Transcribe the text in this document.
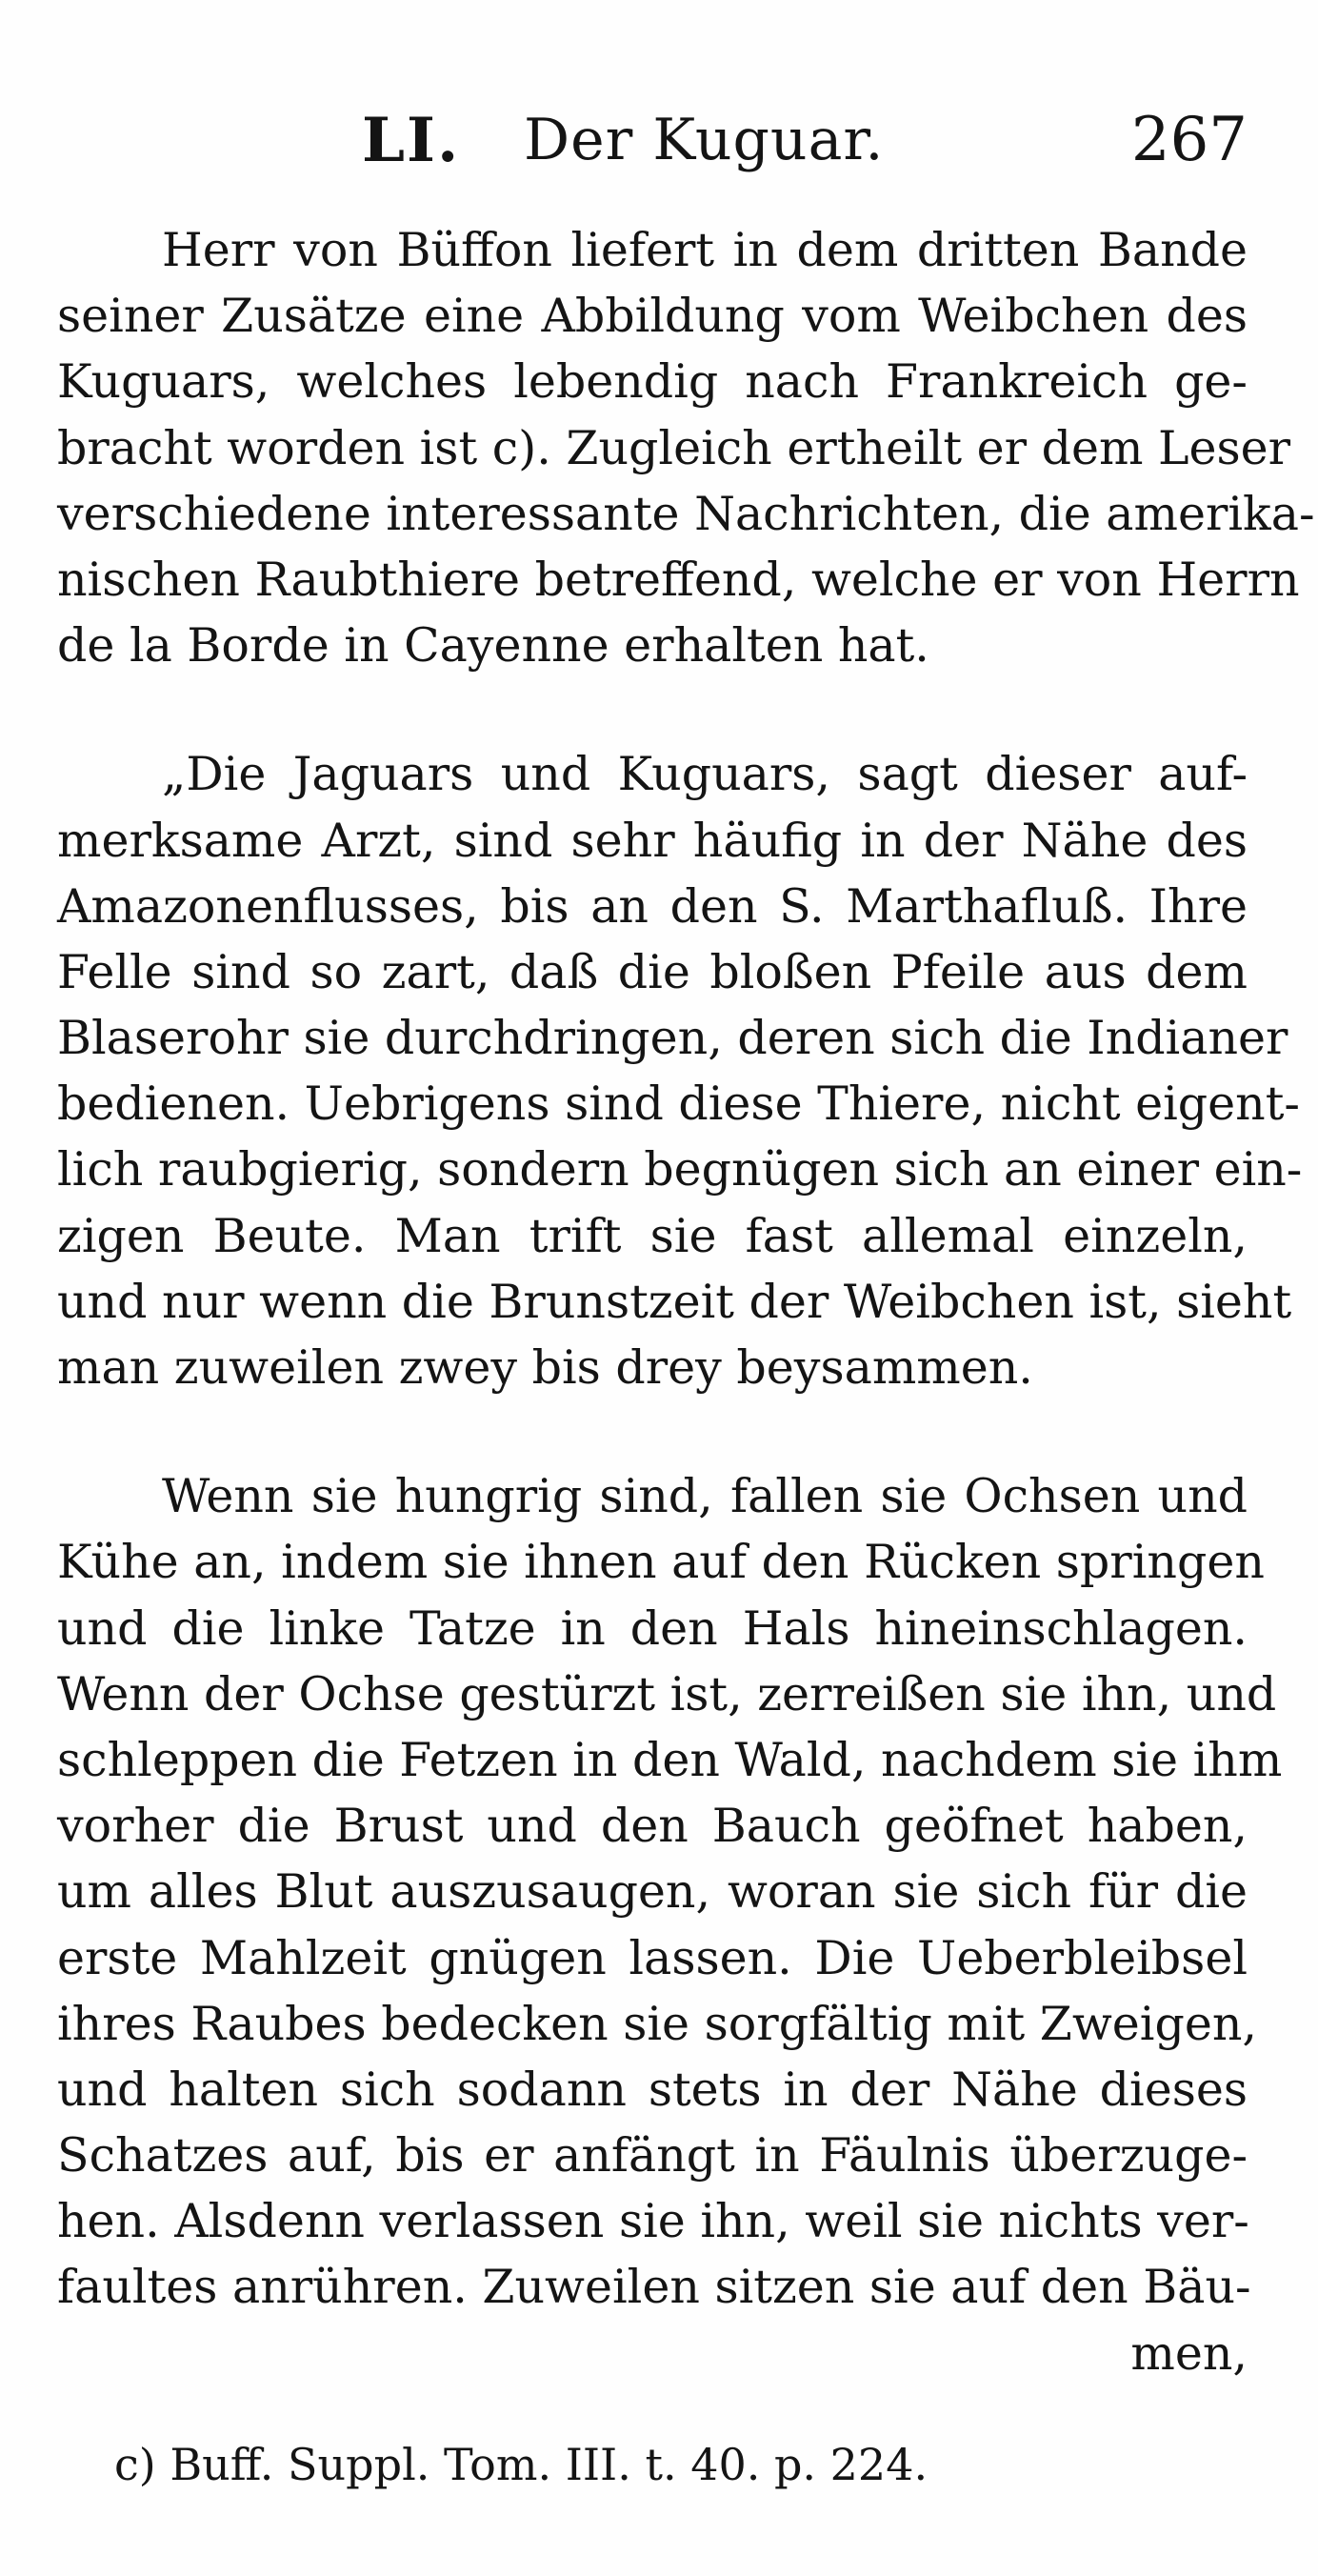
LI. Der Kuguar.	267

Herr von Büffon liefert in dem dritten Bande
seiner Zusätze eine Abbildung vom Weibchen des
Kuguars, welches lebendig nach Frankreich ge-
bracht worden ist c). Zugleich ertheilt er dem Leser
verschiedene interessante Nachrichten, die amerika-
nischen Raubthiere betreffend, welche er von Herrn
de la Borde in Cayenne erhalten hat.

„Die Jaguars und Kuguars, sagt dieser auf-
merksame Arzt, sind sehr häufig in der Nähe des
Amazonenflusses, bis an den S. Marthafluß. Ihre
Felle sind so zart, daß die bloßen Pfeile aus dem
Blaserohr sie durchdringen, deren sich die Indianer
bedienen. Uebrigens sind diese Thiere, nicht eigent-
lich raubgierig, sondern begnügen sich an einer ein-
zigen Beute. Man trift sie fast allemal einzeln,
und nur wenn die Brunstzeit der Weibchen ist, sieht
man zuweilen zwey bis drey beysammen.

Wenn sie hungrig sind, fallen sie Ochsen und
Kühe an, indem sie ihnen auf den Rücken springen
und die linke Tatze in den Hals hineinschlagen.
Wenn der Ochse gestürzt ist, zerreißen sie ihn, und
schleppen die Fetzen in den Wald, nachdem sie ihm
vorher die Brust und den Bauch geöfnet haben,
um alles Blut auszusaugen, woran sie sich für die
erste Mahlzeit gnügen lassen. Die Ueberbleibsel
ihres Raubes bedecken sie sorgfältig mit Zweigen,
und halten sich sodann stets in der Nähe dieses
Schatzes auf, bis er anfängt in Fäulnis überzuge-
hen. Alsdenn verlassen sie ihn, weil sie nichts ver-
faultes anrühren. Zuweilen sitzen sie auf den Bäu-
men,

c) Buff. Suppl. Tom. III. t. 40. p. 224.
